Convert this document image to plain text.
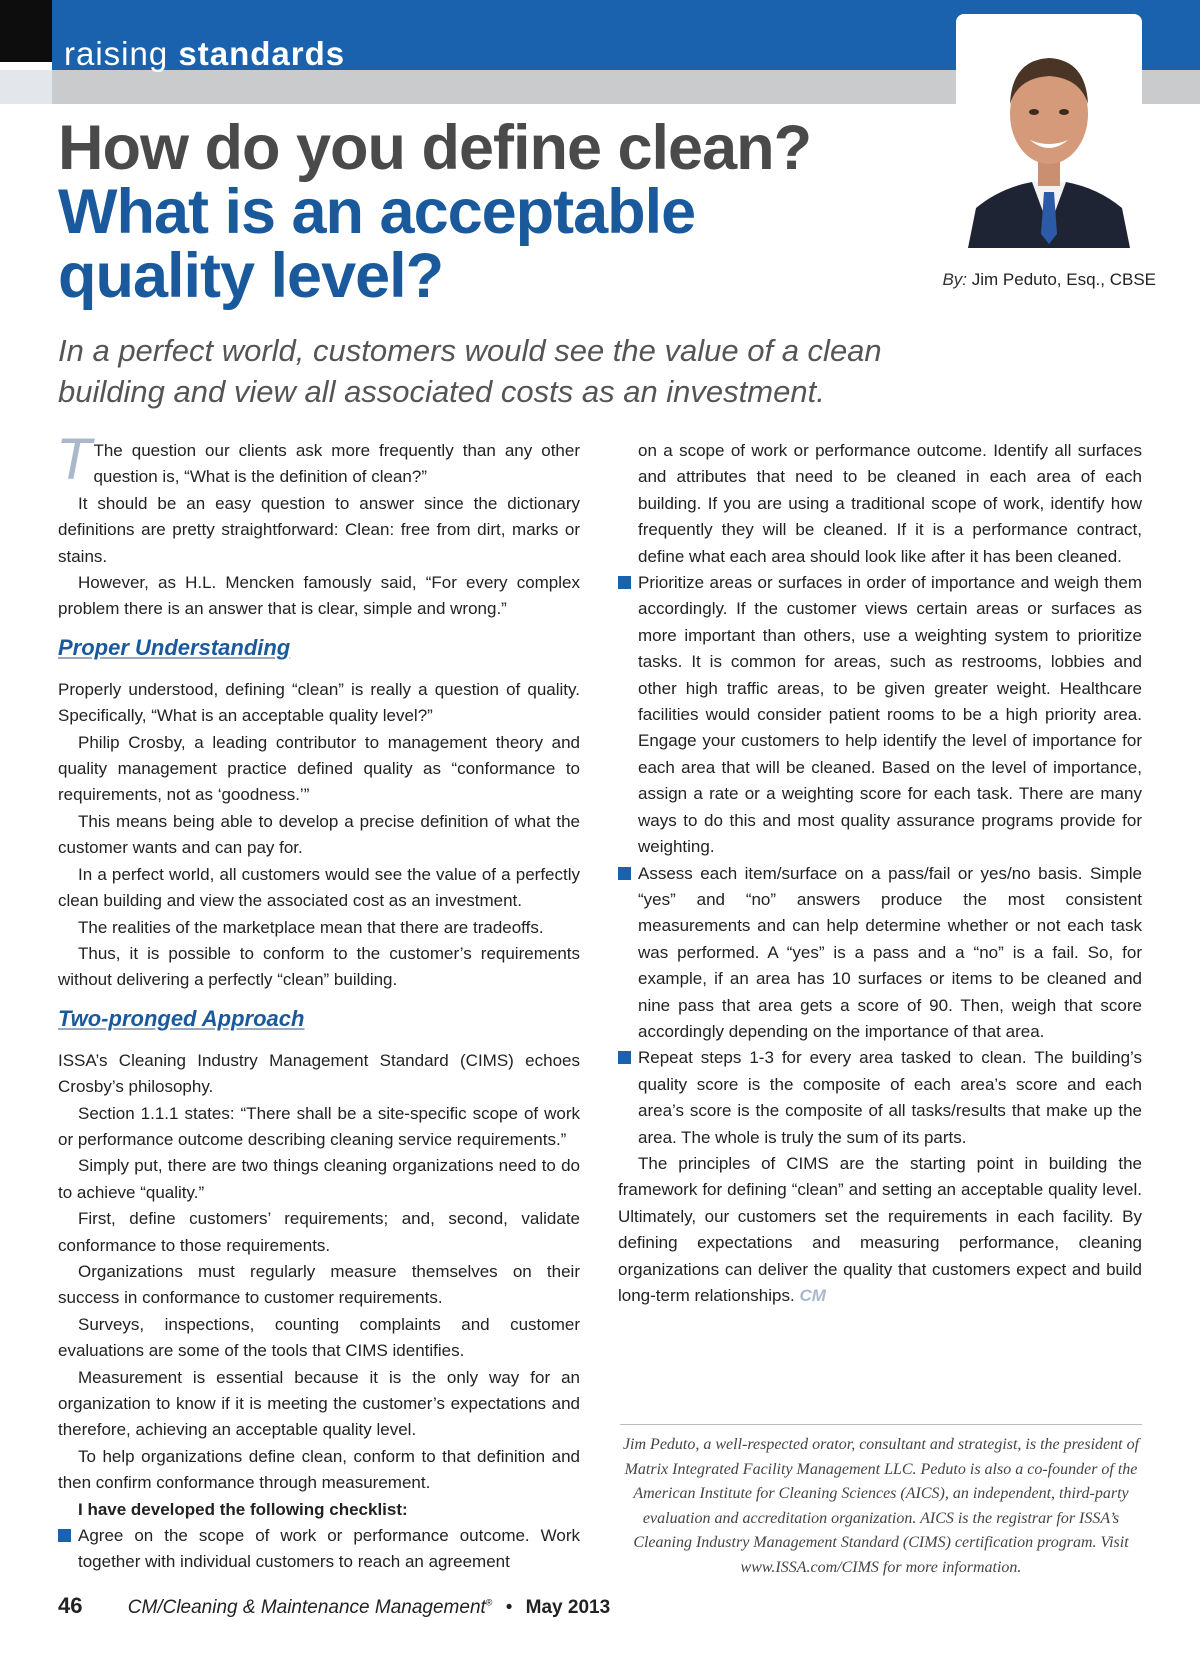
raising standards
By: Jim Peduto, Esq., CBSE
How do you define clean?
What is an acceptable
quality level?
In a perfect world, customers would see the value of a clean building and view all associated costs as an investment.

T The question our clients ask more frequently than any other question is, “What is the definition of clean?”

It should be an easy question to answer since the dictionary definitions are pretty straightforward: Clean: free from dirt, marks or stains.

However, as H.L. Mencken famously said, “For every complex problem there is an answer that is clear, simple and wrong.”

Proper Understanding

Properly understood, defining “clean” is really a question of quality. Specifically, “What is an acceptable quality level?”

Philip Crosby, a leading contributor to management theory and quality management practice defined quality as “conformance to requirements, not as ‘goodness.’”

This means being able to develop a precise definition of what the customer wants and can pay for.

In a perfect world, all customers would see the value of a perfectly clean building and view the associated cost as an investment.

The realities of the marketplace mean that there are tradeoffs.

Thus, it is possible to conform to the customer’s requirements without delivering a perfectly “clean” building.

Two-pronged Approach

ISSA’s Cleaning Industry Management Standard (CIMS) echoes Crosby’s philosophy.

Section 1.1.1 states: “There shall be a site-specific scope of work or performance outcome describing cleaning service requirements.”

Simply put, there are two things cleaning organizations need to do to achieve “quality.”

First, define customers’ requirements; and, second, validate conformance to those requirements.

Organizations must regularly measure themselves on their success in conformance to customer requirements.

Surveys, inspections, counting complaints and customer evaluations are some of the tools that CIMS identifies.

Measurement is essential because it is the only way for an organization to know if it is meeting the customer’s expectations and therefore, achieving an acceptable quality level.

To help organizations define clean, conform to that definition and then confirm conformance through measurement.

I have developed the following checklist:

Agree on the scope of work or performance outcome. Work together with individual customers to reach an agreement

on a scope of work or performance outcome. Identify all surfaces and attributes that need to be cleaned in each area of each building. If you are using a traditional scope of work, identify how frequently they will be cleaned. If it is a performance contract, define what each area should look like after it has been cleaned.

Prioritize areas or surfaces in order of importance and weigh them accordingly. If the customer views certain areas or surfaces as more important than others, use a weighting system to prioritize tasks. It is common for areas, such as restrooms, lobbies and other high traffic areas, to be given greater weight. Healthcare facilities would consider patient rooms to be a high priority area. Engage your customers to help identify the level of importance for each area that will be cleaned. Based on the level of importance, assign a rate or a weighting score for each task. There are many ways to do this and most quality assurance programs provide for weighting.

Assess each item/surface on a pass/fail or yes/no basis. Simple “yes” and “no” answers produce the most consistent measurements and can help determine whether or not each task was performed. A “yes” is a pass and a “no” is a fail. So, for example, if an area has 10 surfaces or items to be cleaned and nine pass that area gets a score of 90. Then, weigh that score accordingly depending on the importance of that area.

Repeat steps 1-3 for every area tasked to clean. The building’s quality score is the composite of each area’s score and each area’s score is the composite of all tasks/results that make up the area. The whole is truly the sum of its parts.

The principles of CIMS are the starting point in building the framework for defining “clean” and setting an acceptable quality level. Ultimately, our customers set the requirements in each facility. By defining expectations and measuring performance, cleaning organizations can deliver the quality that customers expect and build long-term relationships. CM

Jim Peduto, a well-respected orator, consultant and strategist, is the president of Matrix Integrated Facility Management LLC. Peduto is also a co-founder of the American Institute for Cleaning Sciences (AICS), an independent, third-party evaluation and accreditation organization. AICS is the registrar for ISSA’s Cleaning Industry Management Standard (CIMS) certification program. Visit www.ISSA.com/CIMS for more information.
46 CM/Cleaning & Maintenance Management® • May 2013
